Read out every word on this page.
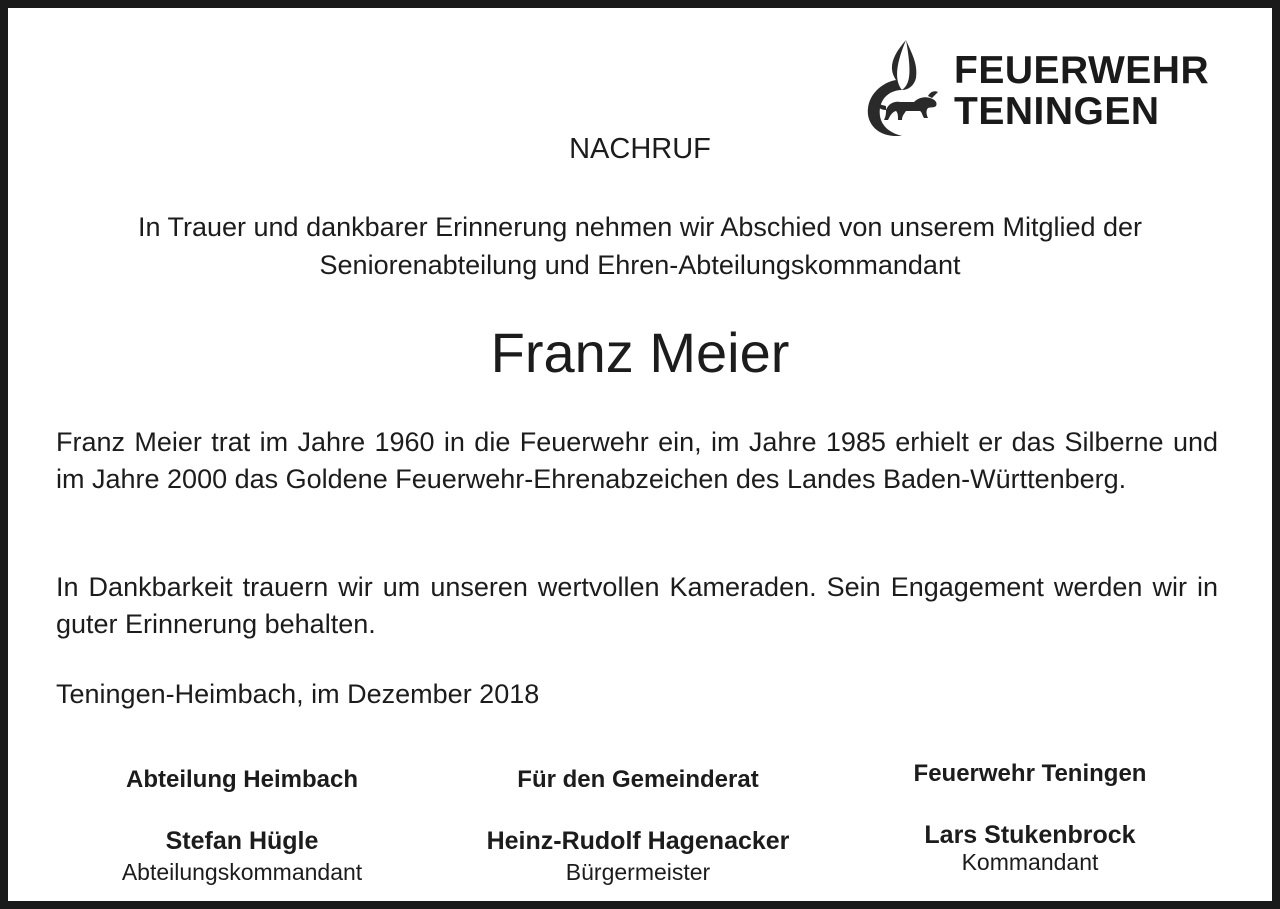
FEUERWEHR
TENINGEN
NACHRUF
In Trauer und dankbarer Erinnerung nehmen wir Abschied von unserem Mitglied der Seniorenabteilung und Ehren-Abteilungskommandant
Franz Meier
Franz Meier trat im Jahre 1960 in die Feuerwehr ein, im Jahre 1985 erhielt er das Silberne und im Jahre 2000 das Goldene Feuerwehr-Ehrenabzeichen des Landes Baden-Württenberg.
In Dankbarkeit trauern wir um unseren wertvollen Kameraden. Sein Engagement werden wir in guter Erinnerung behalten.
Teningen-Heimbach, im Dezember 2018
Abteilung Heimbach
Stefan Hügle
Abteilungskommandant
Für den Gemeinderat
Heinz-Rudolf Hagenacker
Bürgermeister
Feuerwehr Teningen
Lars Stukenbrock
Kommandant
